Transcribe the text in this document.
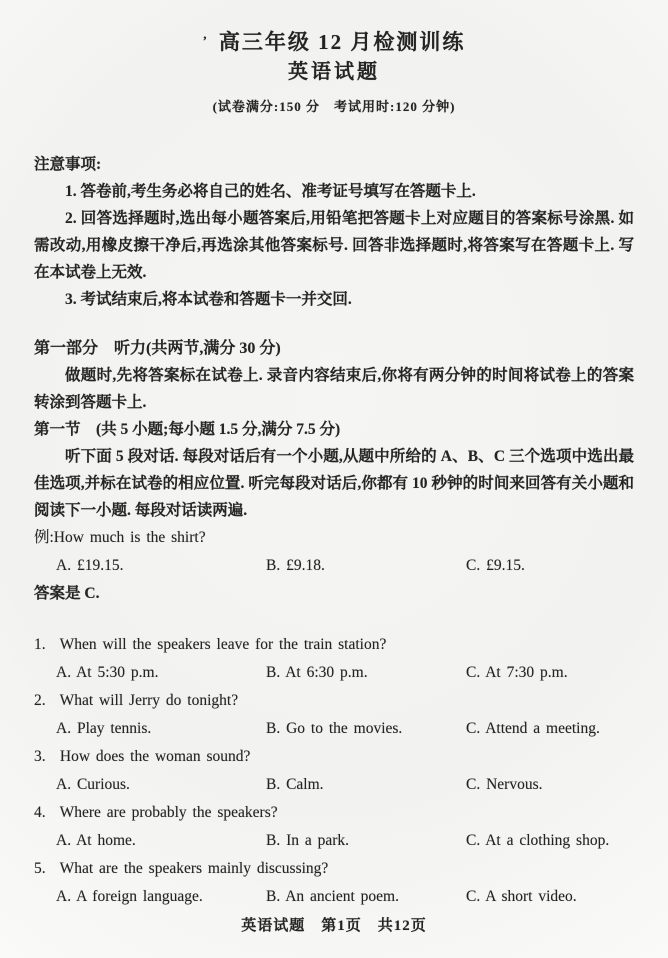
’ 高三年级 12 月检测训练
英语试题

(试卷满分:150 分　考试用时:120 分钟)

注意事项:

1. 答卷前,考生务必将自己的姓名、准考证号填写在答题卡上.

2. 回答选择题时,选出每小题答案后,用铅笔把答题卡上对应题目的答案标号涂黑. 如需改动,用橡皮擦干净后,再选涂其他答案标号. 回答非选择题时,将答案写在答题卡上. 写在本试卷上无效.

3. 考试结束后,将本试卷和答题卡一并交回.

第一部分　听力(共两节,满分 30 分)

做题时,先将答案标在试卷上. 录音内容结束后,你将有两分钟的时间将试卷上的答案转涂到答题卡上.

第一节　(共 5 小题;每小题 1.5 分,满分 7.5 分)

听下面 5 段对话. 每段对话后有一个小题,从题中所给的 A、B、C 三个选项中选出最佳选项,并标在试卷的相应位置. 听完每段对话后,你都有 10 秒钟的时间来回答有关小题和阅读下一小题. 每段对话读两遍.

例:How much is the shirt?

A. £19.15.	B. £9.18.	C. £9.15.

答案是 C.

1. When will the speakers leave for the train station?

A. At 5:30 p.m.	B. At 6:30 p.m.	C. At 7:30 p.m.

2. What will Jerry do tonight?

A. Play tennis.	B. Go to the movies.	C. Attend a meeting.

3. How does the woman sound?

A. Curious.	B. Calm.	C. Nervous.

4. Where are probably the speakers?

A. At home.	B. In a park.	C. At a clothing shop.

5. What are the speakers mainly discussing?

A. A foreign language.	B. An ancient poem.	C. A short video.
英语试题　第1页　共12页
